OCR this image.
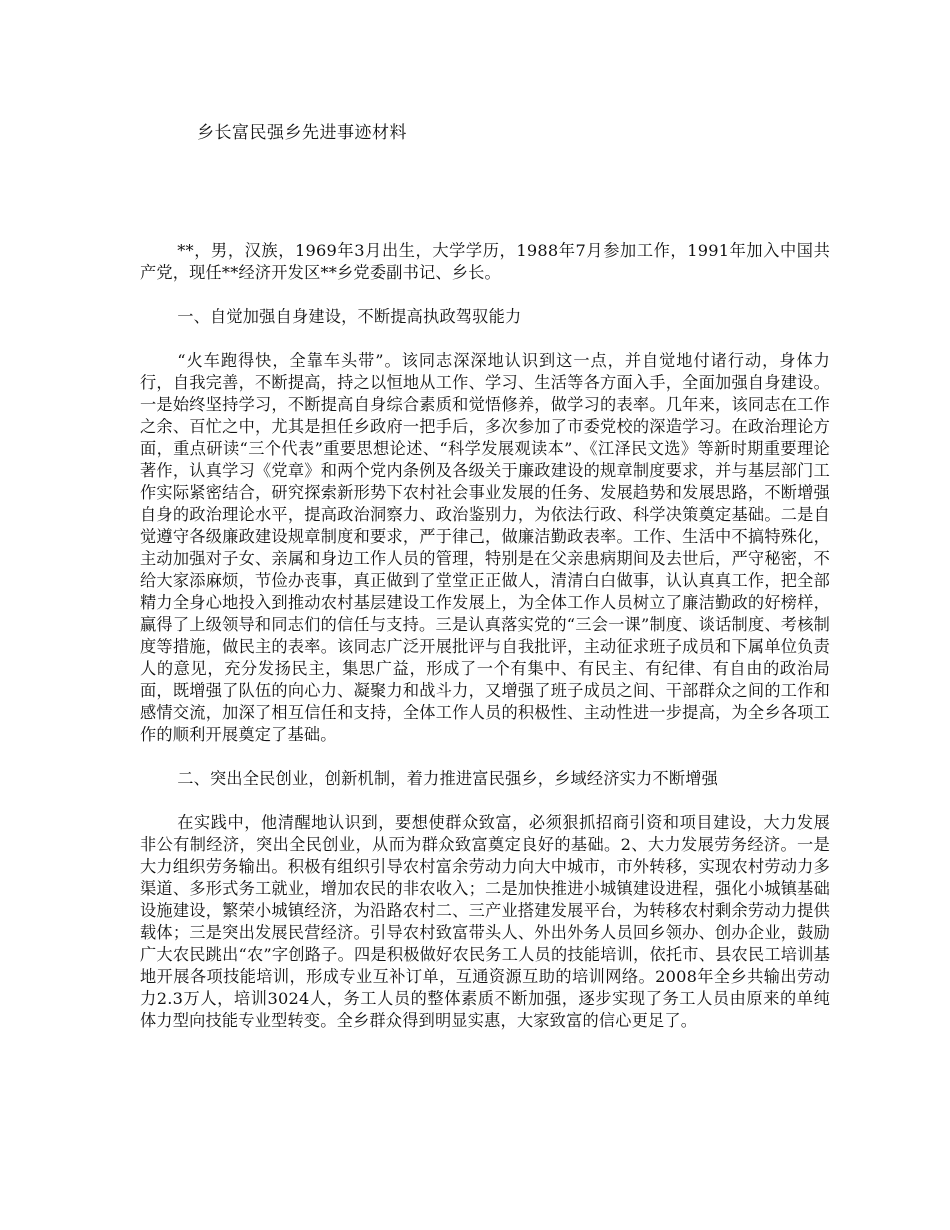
乡长富民强乡先进事迹材料

**，男，汉族，1969年3月出生，大学学历，1988年7月参加工作，1991年加入中国共产党，现任**经济开发区**乡党委副书记、乡长。

一、自觉加强自身建设，不断提高执政驾驭能力

“火车跑得快，全靠车头带”。该同志深深地认识到这一点，并自觉地付诸行动，身体力行，自我完善，不断提高，持之以恒地从工作、学习、生活等各方面入手，全面加强自身建设。一是始终坚持学习，不断提高自身综合素质和觉悟修养，做学习的表率。几年来，该同志在工作之余、百忙之中，尤其是担任乡政府一把手后，多次参加了市委党校的深造学习。在政治理论方面，重点研读“三个代表”重要思想论述、“科学发展观读本”、《江泽民文选》等新时期重要理论著作，认真学习《党章》和两个党内条例及各级关于廉政建设的规章制度要求，并与基层部门工作实际紧密结合，研究探索新形势下农村社会事业发展的任务、发展趋势和发展思路，不断增强自身的政治理论水平，提高政治洞察力、政治鉴别力，为依法行政、科学决策奠定基础。二是自觉遵守各级廉政建设规章制度和要求，严于律己，做廉洁勤政表率。工作、生活中不搞特殊化，主动加强对子女、亲属和身边工作人员的管理，特别是在父亲患病期间及去世后，严守秘密，不给大家添麻烦，节俭办丧事，真正做到了堂堂正正做人，清清白白做事，认认真真工作，把全部精力全身心地投入到推动农村基层建设工作发展上，为全体工作人员树立了廉洁勤政的好榜样，赢得了上级领导和同志们的信任与支持。三是认真落实党的“三会一课”制度、谈话制度、考核制度等措施，做民主的表率。该同志广泛开展批评与自我批评，主动征求班子成员和下属单位负责人的意见，充分发扬民主，集思广益，形成了一个有集中、有民主、有纪律、有自由的政治局面，既增强了队伍的向心力、凝聚力和战斗力，又增强了班子成员之间、干部群众之间的工作和感情交流，加深了相互信任和支持，全体工作人员的积极性、主动性进一步提高，为全乡各项工作的顺利开展奠定了基础。

二、突出全民创业，创新机制，着力推进富民强乡，乡域经济实力不断增强

在实践中，他清醒地认识到，要想使群众致富，必须狠抓招商引资和项目建设，大力发展非公有制经济，突出全民创业，从而为群众致富奠定良好的基础。2、大力发展劳务经济。一是大力组织劳务输出。积极有组织引导农村富余劳动力向大中城市，市外转移，实现农村劳动力多渠道、多形式务工就业，增加农民的非农收入；二是加快推进小城镇建设进程，强化小城镇基础设施建设，繁荣小城镇经济，为沿路农村二、三产业搭建发展平台，为转移农村剩余劳动力提供载体；三是突出发展民营经济。引导农村致富带头人、外出外务人员回乡领办、创办企业，鼓励广大农民跳出“农”字创路子。四是积极做好农民务工人员的技能培训，依托市、县农民工培训基地开展各项技能培训，形成专业互补订单，互通资源互助的培训网络。2008年全乡共输出劳动力2.3万人，培训3024人，务工人员的整体素质不断加强，逐步实现了务工人员由原来的单纯体力型向技能专业型转变。全乡群众得到明显实惠，大家致富的信心更足了。
